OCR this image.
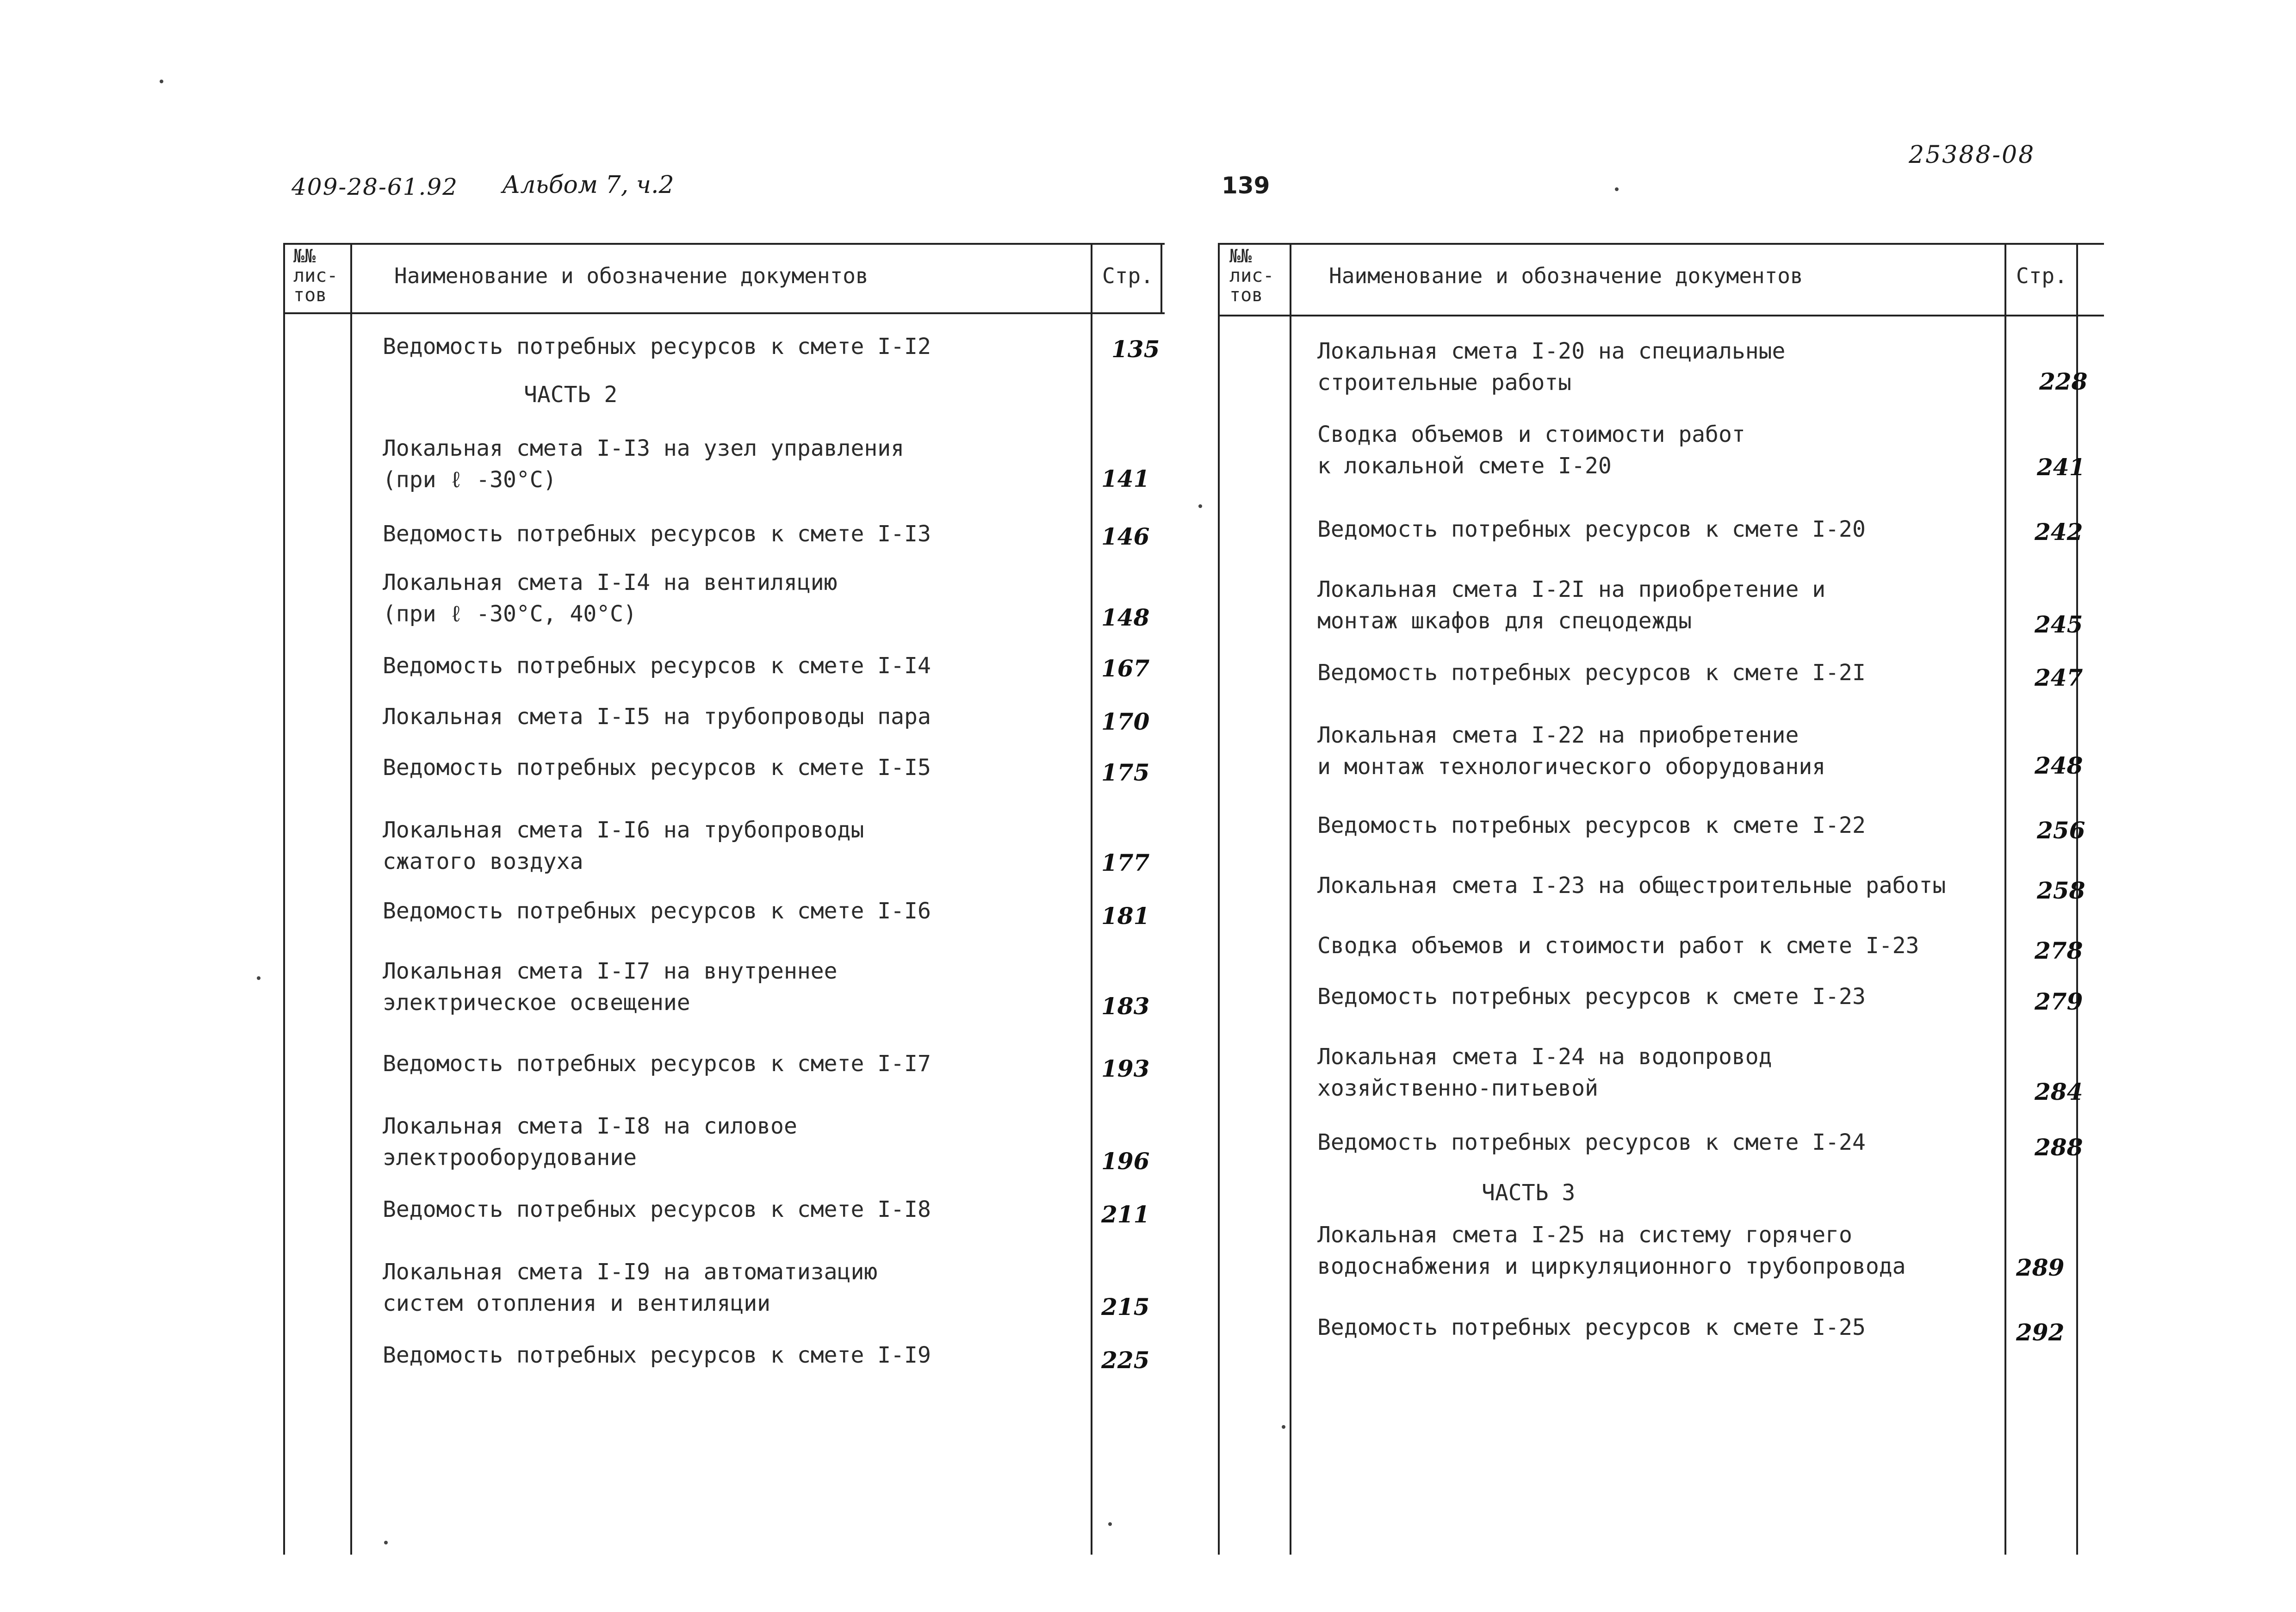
409-28-61.92 Альбом 7, ч.2	139
25388-08
№№
лис-
тов
Наименование и обозначение документов	Стр.
Ведомость потребных ресурсов к смете I-I2	135
ЧАСТЬ 2
Локальная смета I-I3 на узел управления
(при ℓ -30°С)	141
Ведомость потребных ресурсов к смете I-I3	146
Локальная смета I-I4 на вентиляцию
(при ℓ -30°С, 40°С)	148
Ведомость потребных ресурсов к смете I-I4	167
Локальная смета I-I5 на трубопроводы пара	170
Ведомость потребных ресурсов к смете I-I5	175
Локальная смета I-I6 на трубопроводы
сжатого воздуха	177
Ведомость потребных ресурсов к смете I-I6	181
Локальная смета I-I7 на внутреннее
электрическое освещение	183
Ведомость потребных ресурсов к смете I-I7	193
Локальная смета I-I8 на силовое
электрооборудование	196
Ведомость потребных ресурсов к смете I-I8	211
Локальная смета I-I9 на автоматизацию
систем отопления и вентиляции	215
Ведомость потребных ресурсов к смете I-I9	225
№№
лис-
тов
Наименование и обозначение документов	Стр.
Локальная смета I-20 на специальные
строительные работы	228
Сводка объемов и стоимости работ
к локальной смете I-20	241
Ведомость потребных ресурсов к смете I-20	242
Локальная смета I-2I на приобретение и
монтаж шкафов для спецодежды	245
Ведомость потребных ресурсов к смете I-2I	247
Локальная смета I-22 на приобретение
и монтаж технологического оборудования	248
Ведомость потребных ресурсов к смете I-22	256
Локальная смета I-23 на общестроительные работы	258
Сводка объемов и стоимости работ к смете I-23	278
Ведомость потребных ресурсов к смете I-23	279
Локальная смета I-24 на водопровод
хозяйственно-питьевой	284
Ведомость потребных ресурсов к смете I-24	288
ЧАСТЬ 3
Локальная смета I-25 на систему горячего
водоснабжения и циркуляционного трубопровода	289
Ведомость потребных ресурсов к смете I-25	292
